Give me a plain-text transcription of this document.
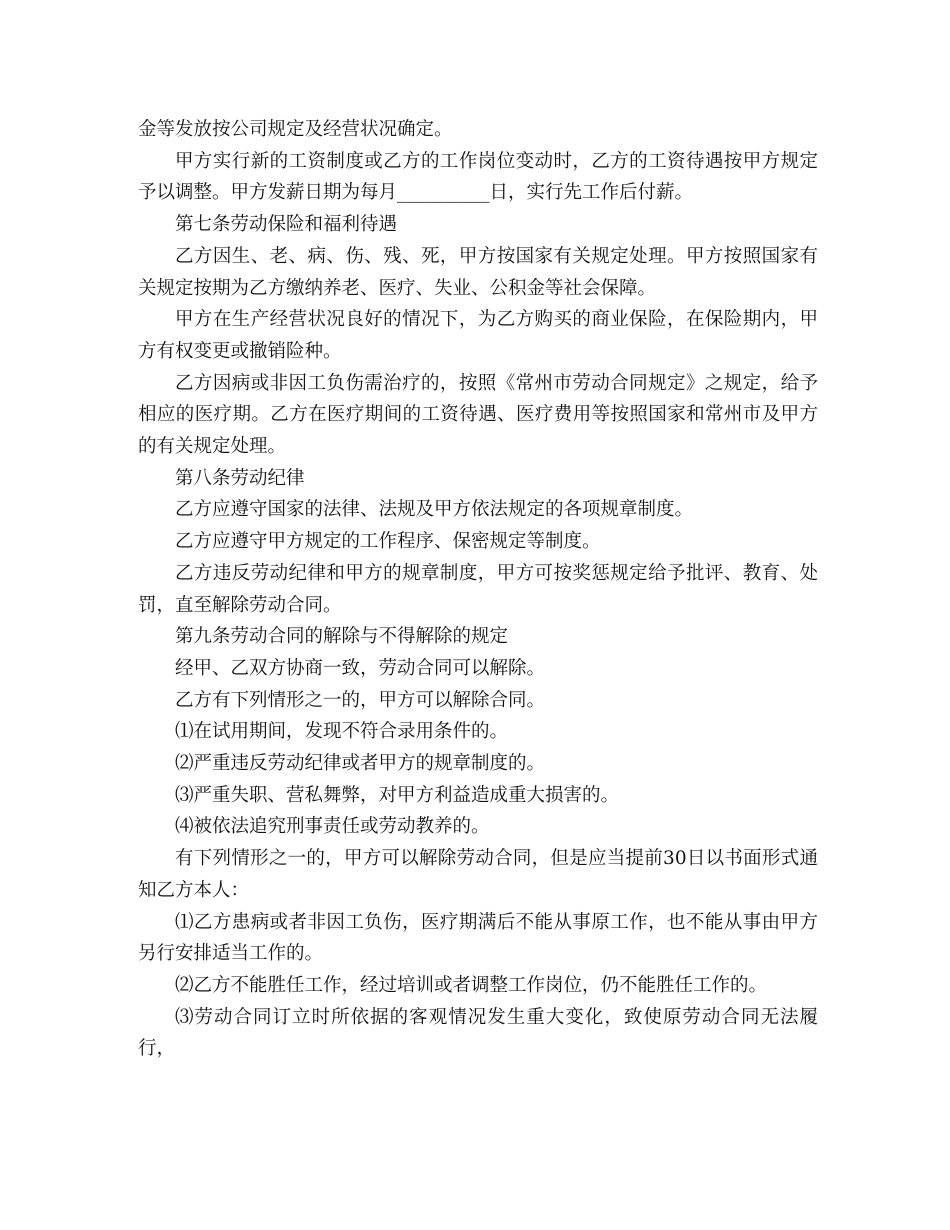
金等发放按公司规定及经营状况确定。

甲方实行新的工资制度或乙方的工作岗位变动时，乙方的工资待遇按甲方规定予以调整。甲方发薪日期为每月__________日，实行先工作后付薪。

第七条劳动保险和福利待遇

乙方因生、老、病、伤、残、死，甲方按国家有关规定处理。甲方按照国家有关规定按期为乙方缴纳养老、医疗、失业、公积金等社会保障。

甲方在生产经营状况良好的情况下，为乙方购买的商业保险，在保险期内，甲方有权变更或撤销险种。

乙方因病或非因工负伤需治疗的，按照《常州市劳动合同规定》之规定，给予相应的医疗期。乙方在医疗期间的工资待遇、医疗费用等按照国家和常州市及甲方的有关规定处理。

第八条劳动纪律

乙方应遵守国家的法律、法规及甲方依法规定的各项规章制度。

乙方应遵守甲方规定的工作程序、保密规定等制度。

乙方违反劳动纪律和甲方的规章制度，甲方可按奖惩规定给予批评、教育、处罚，直至解除劳动合同。

第九条劳动合同的解除与不得解除的规定

经甲、乙双方协商一致，劳动合同可以解除。

乙方有下列情形之一的，甲方可以解除合同。

⑴在试用期间，发现不符合录用条件的。

⑵严重违反劳动纪律或者甲方的规章制度的。

⑶严重失职、营私舞弊，对甲方利益造成重大损害的。

⑷被依法追究刑事责任或劳动教养的。

有下列情形之一的，甲方可以解除劳动合同，但是应当提前30日以书面形式通知乙方本人：

⑴乙方患病或者非因工负伤，医疗期满后不能从事原工作，也不能从事由甲方另行安排适当工作的。

⑵乙方不能胜任工作，经过培训或者调整工作岗位，仍不能胜任工作的。

⑶劳动合同订立时所依据的客观情况发生重大变化，致使原劳动合同无法履行，
